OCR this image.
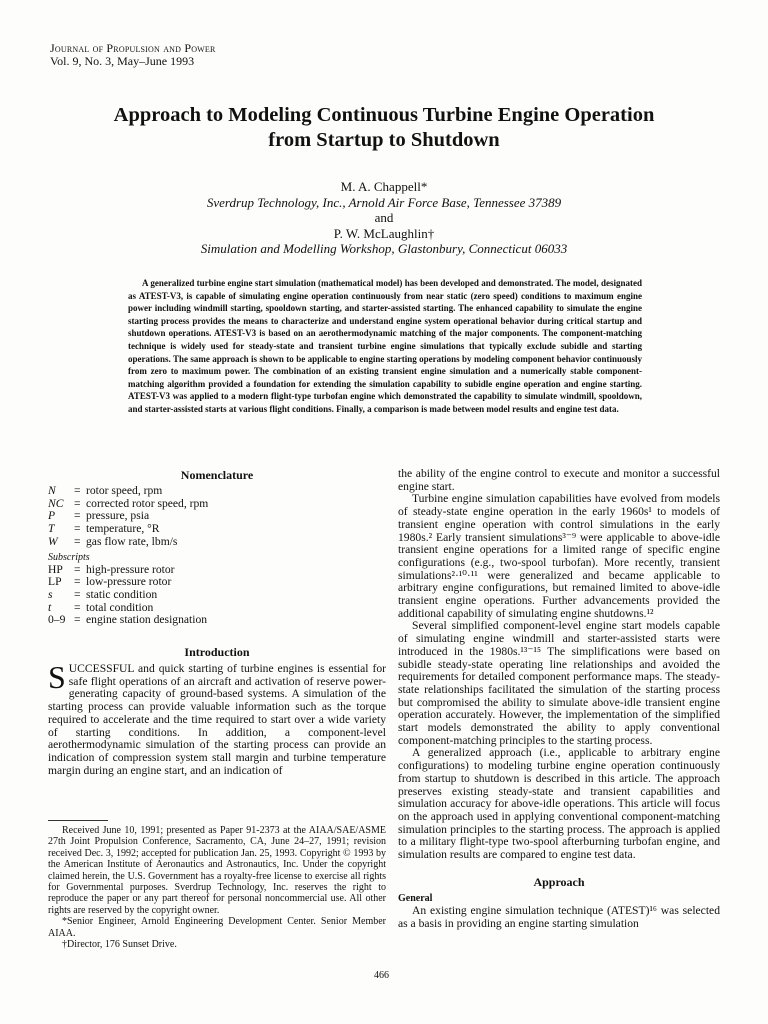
Journal of Propulsion and Power
Vol. 9, No. 3, May–June 1993
Approach to Modeling Continuous Turbine Engine Operation
from Startup to Shutdown
M. A. Chappell*
Sverdrup Technology, Inc., Arnold Air Force Base, Tennessee 37389
and
P. W. McLaughlin†
Simulation and Modelling Workshop, Glastonbury, Connecticut 06033
A generalized turbine engine start simulation (mathematical model) has been developed and demonstrated. The model, designated as ATEST-V3, is capable of simulating engine operation continuously from near static (zero speed) conditions to maximum engine power including windmill starting, spooldown starting, and starter-assisted starting. The enhanced capability to simulate the engine starting process provides the means to characterize and understand engine system operational behavior during critical startup and shutdown operations. ATEST-V3 is based on an aerothermodynamic matching of the major components. The component-matching technique is widely used for steady-state and transient turbine engine simulations that typically exclude subidle and starting operations. The same approach is shown to be applicable to engine starting operations by modeling component behavior continuously from zero to maximum power. The combination of an existing transient engine simulation and a numerically stable component-matching algorithm provided a foundation for extending the simulation capability to subidle engine operation and engine starting. ATEST-V3 was applied to a modern flight-type turbofan engine which demonstrated the capability to simulate windmill, spooldown, and starter-assisted starts at various flight conditions. Finally, a comparison is made between model results and engine test data.
Nomenclature
N	= rotor speed, rpm
NC = corrected rotor speed, rpm
P	= pressure, psia
T	= temperature, °R
W	= gas flow rate, lbm/s
Subscripts
HP = high-pressure rotor
LP	= low-pressure rotor
s	= static condition
t	= total condition
0–9 = engine station designation
Introduction

SUCCESSFUL and quick starting of turbine engines is essential for safe flight operations of an aircraft and activation of reserve power-generating capacity of ground-based systems. A simulation of the starting process can provide valuable information such as the torque required to accelerate and the time required to start over a wide variety of starting conditions. In addition, a component-level aerothermodynamic simulation of the starting process can provide an indication of compression system stall margin and turbine temperature margin during an engine start, and an indication of

Received June 10, 1991; presented as Paper 91-2373 at the AIAA/SAE/ASME 27th Joint Propulsion Conference, Sacramento, CA, June 24–27, 1991; revision received Dec. 3, 1992; accepted for publication Jan. 25, 1993. Copyright © 1993 by the American Institute of Aeronautics and Astronautics, Inc. Under the copyright claimed herein, the U.S. Government has a royalty-free license to exercise all rights for Governmental purposes. Sverdrup Technology, Inc. reserves the right to reproduce the paper or any part thereof for personal noncommercial use. All other rights are reserved by the copyright owner.

*Senior Engineer, Arnold Engineering Development Center. Senior Member AIAA.

†Director, 176 Sunset Drive.

the ability of the engine control to execute and monitor a successful engine start.

Turbine engine simulation capabilities have evolved from models of steady-state engine operation in the early 1960s¹ to models of transient engine operation with control simulations in the early 1980s.² Early transient simulations³⁻⁹ were applicable to above-idle transient engine operations for a limited range of specific engine configurations (e.g., two-spool turbofan). More recently, transient simulations²·¹⁰·¹¹ were generalized and became applicable to arbitrary engine configurations, but remained limited to above-idle transient engine operations. Further advancements provided the additional capability of simulating engine shutdowns.¹²

Several simplified component-level engine start models capable of simulating engine windmill and starter-assisted starts were introduced in the 1980s.¹³⁻¹⁵ The simplifications were based on subidle steady-state operating line relationships and avoided the requirements for detailed component performance maps. The steady-state relationships facilitated the simulation of the starting process but compromised the ability to simulate above-idle transient engine operation accurately. However, the implementation of the simplified start models demonstrated the ability to apply conventional component-matching principles to the starting process.

A generalized approach (i.e., applicable to arbitrary engine configurations) to modeling turbine engine operation continuously from startup to shutdown is described in this article. The approach preserves existing steady-state and transient capabilities and simulation accuracy for above-idle operations. This article will focus on the approach used in applying conventional component-matching simulation principles to the starting process. The approach is applied to a military flight-type two-spool afterburning turbofan engine, and simulation results are compared to engine test data.

Approach
General

An existing engine simulation technique (ATEST)¹⁶ was selected as a basis in providing an engine starting simulation

466
